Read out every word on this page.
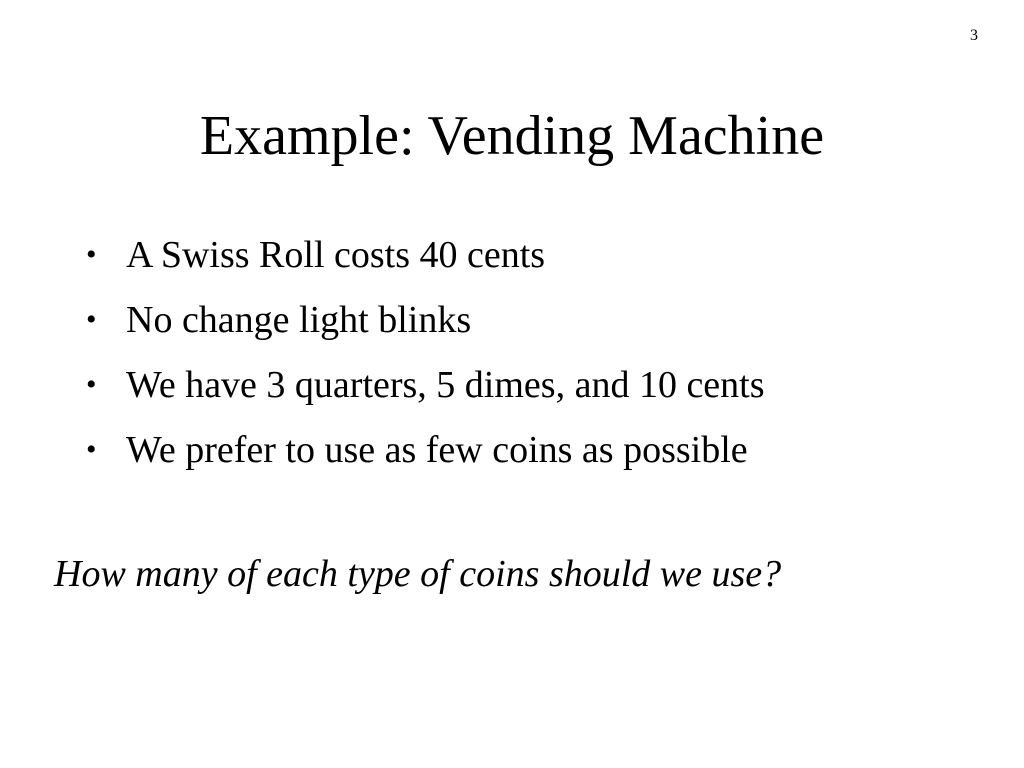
3
Example: Vending Machine
• A Swiss Roll costs 40 cents
• No change light blinks
• We have 3 quarters, 5 dimes, and 10 cents
• We prefer to use as few coins as possible
How many of each type of coins should we use?
